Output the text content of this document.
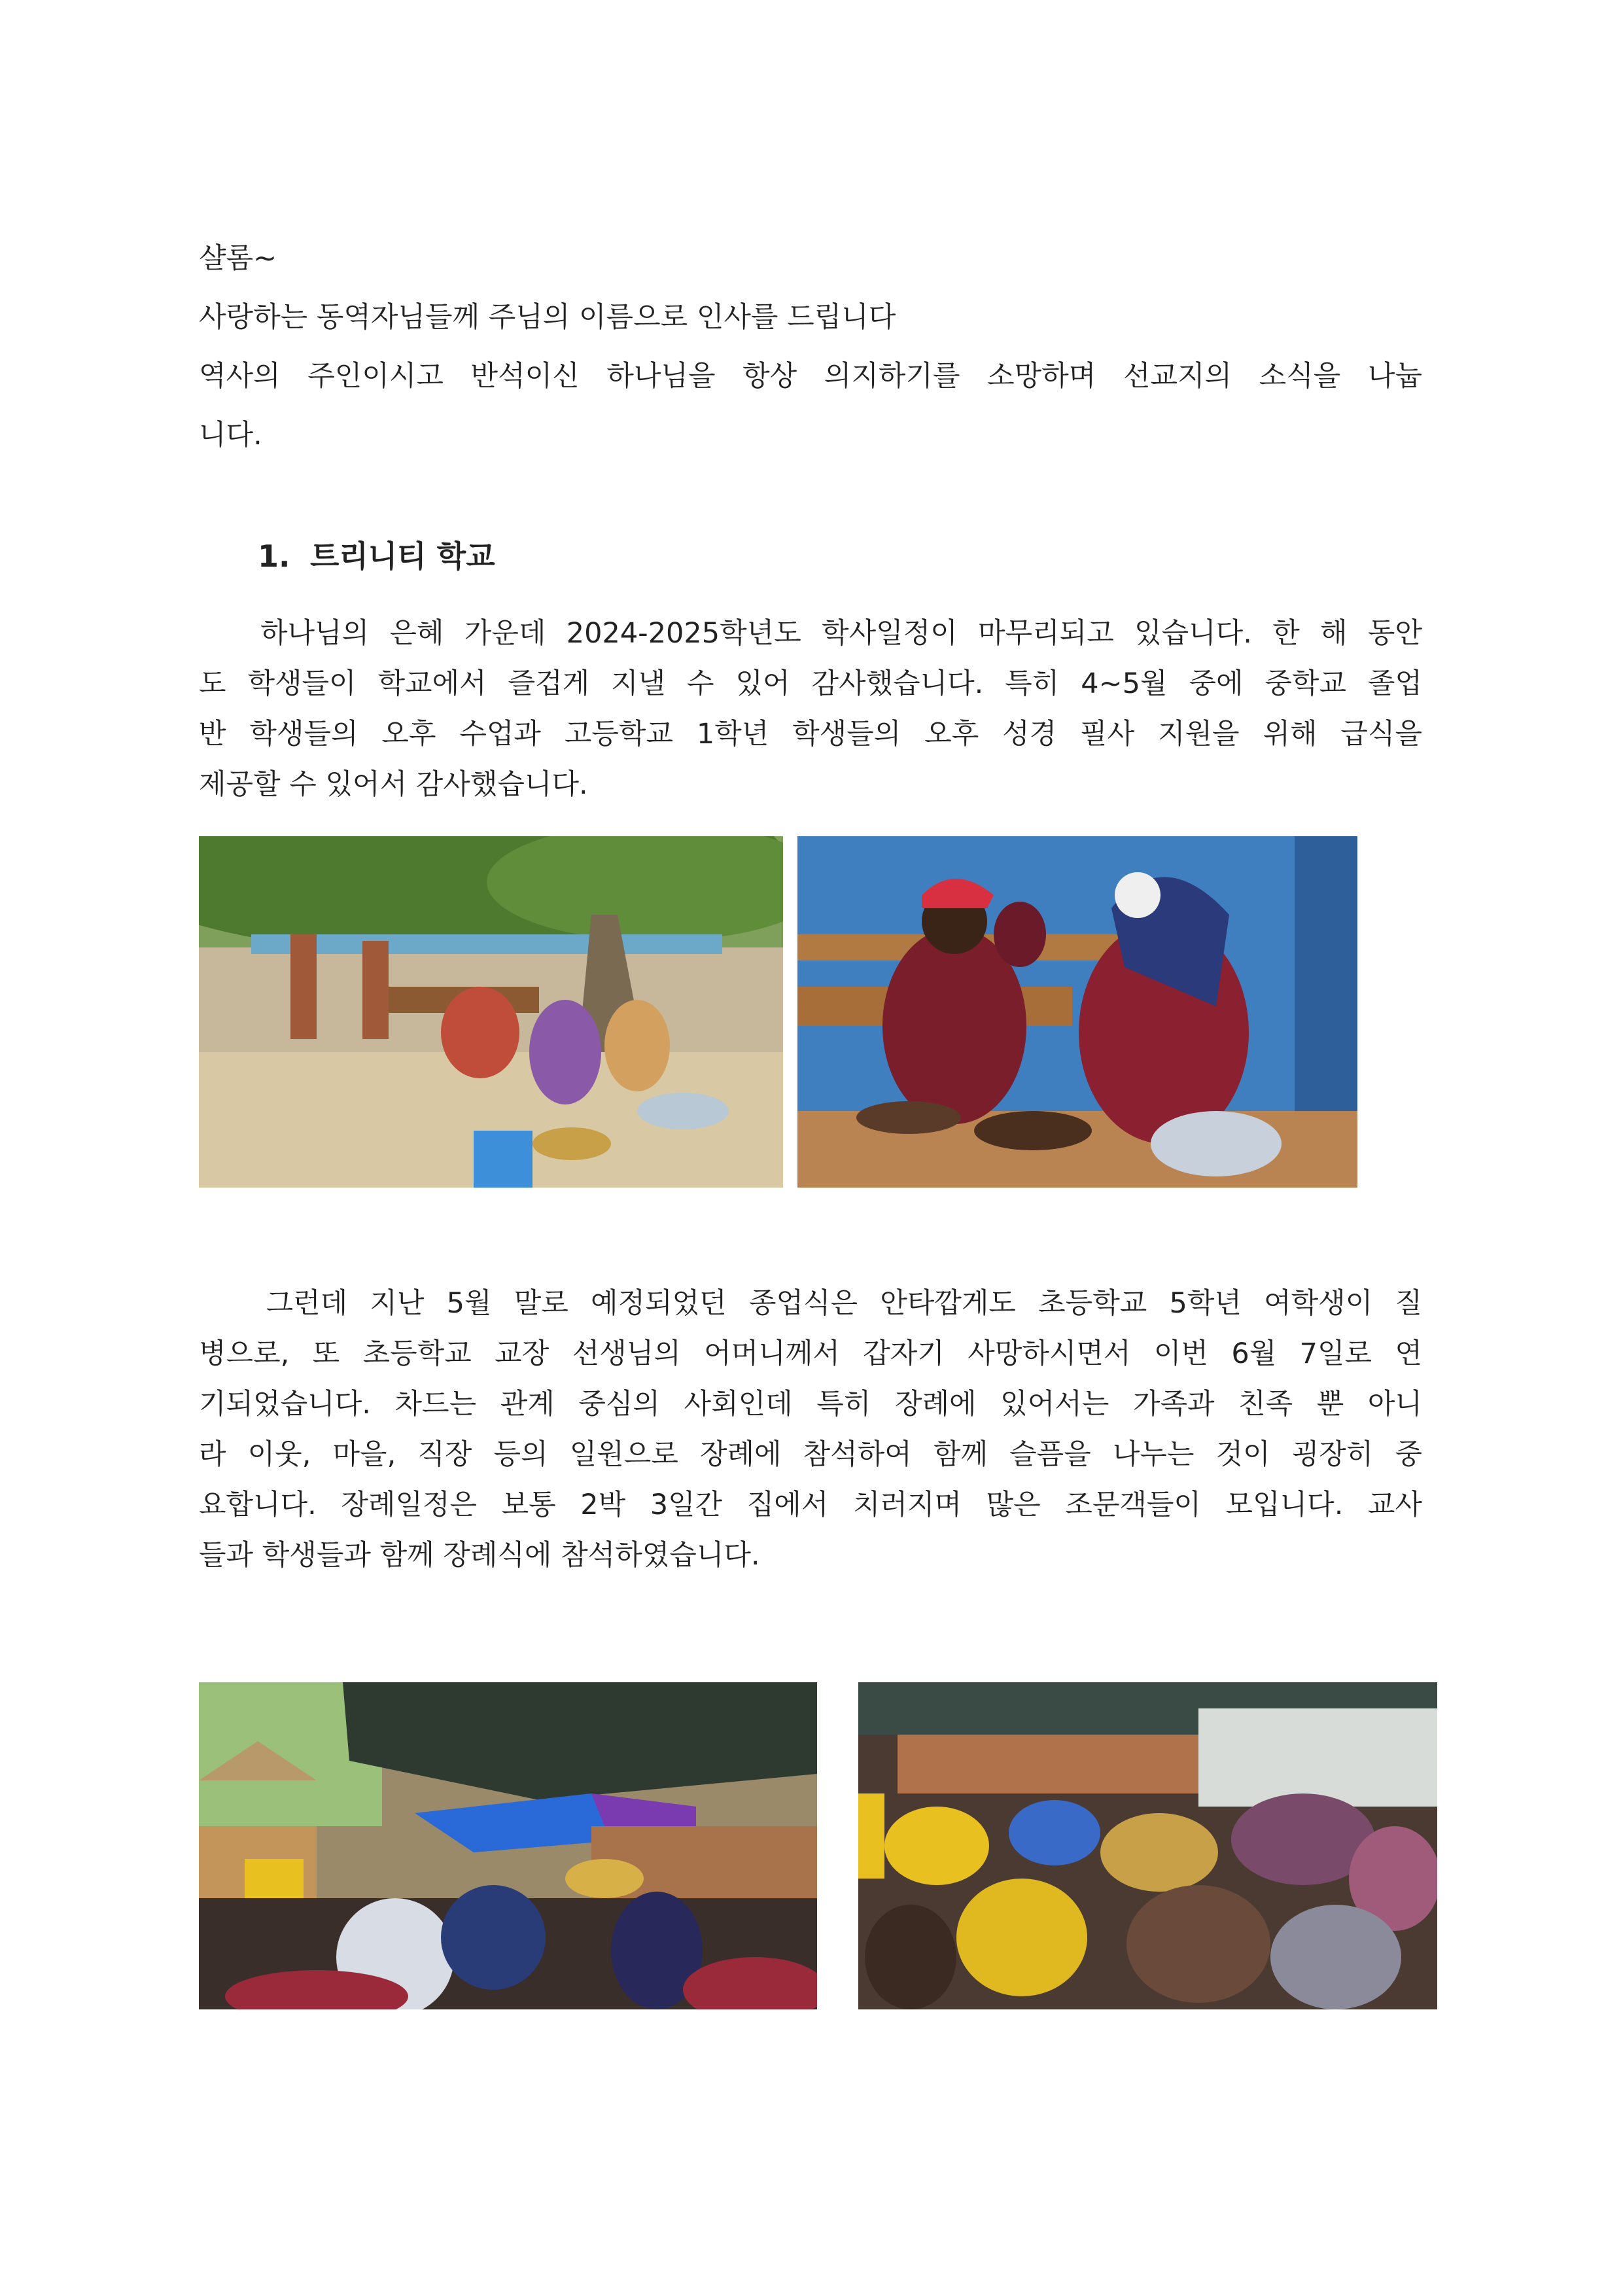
샬롬~

사랑하는 동역자님들께 주님의 이름으로 인사를 드립니다

역사의 주인이시고 반석이신 하나님을 항상 의지하기를 소망하며 선교지의 소식을 나눕

니다.

1. 트리니티 학교

하나님의 은혜 가운데 2024-2025학년도 학사일정이 마무리되고 있습니다. 한 해 동안

도 학생들이 학교에서 즐겁게 지낼 수 있어 감사했습니다. 특히 4~5월 중에 중학교 졸업

반 학생들의 오후 수업과 고등학교 1학년 학생들의 오후 성경 필사 지원을 위해 급식을

제공할 수 있어서 감사했습니다.

그런데 지난 5월 말로 예정되었던 종업식은 안타깝게도 초등학교 5학년 여학생이 질

병으로, 또 초등학교 교장 선생님의 어머니께서 갑자기 사망하시면서 이번 6월 7일로 연

기되었습니다. 차드는 관계 중심의 사회인데 특히 장례에 있어서는 가족과 친족 뿐 아니

라 이웃, 마을, 직장 등의 일원으로 장례에 참석하여 함께 슬픔을 나누는 것이 굉장히 중

요합니다. 장례일정은 보통 2박 3일간 집에서 치러지며 많은 조문객들이 모입니다. 교사

들과 학생들과 함께 장례식에 참석하였습니다.
